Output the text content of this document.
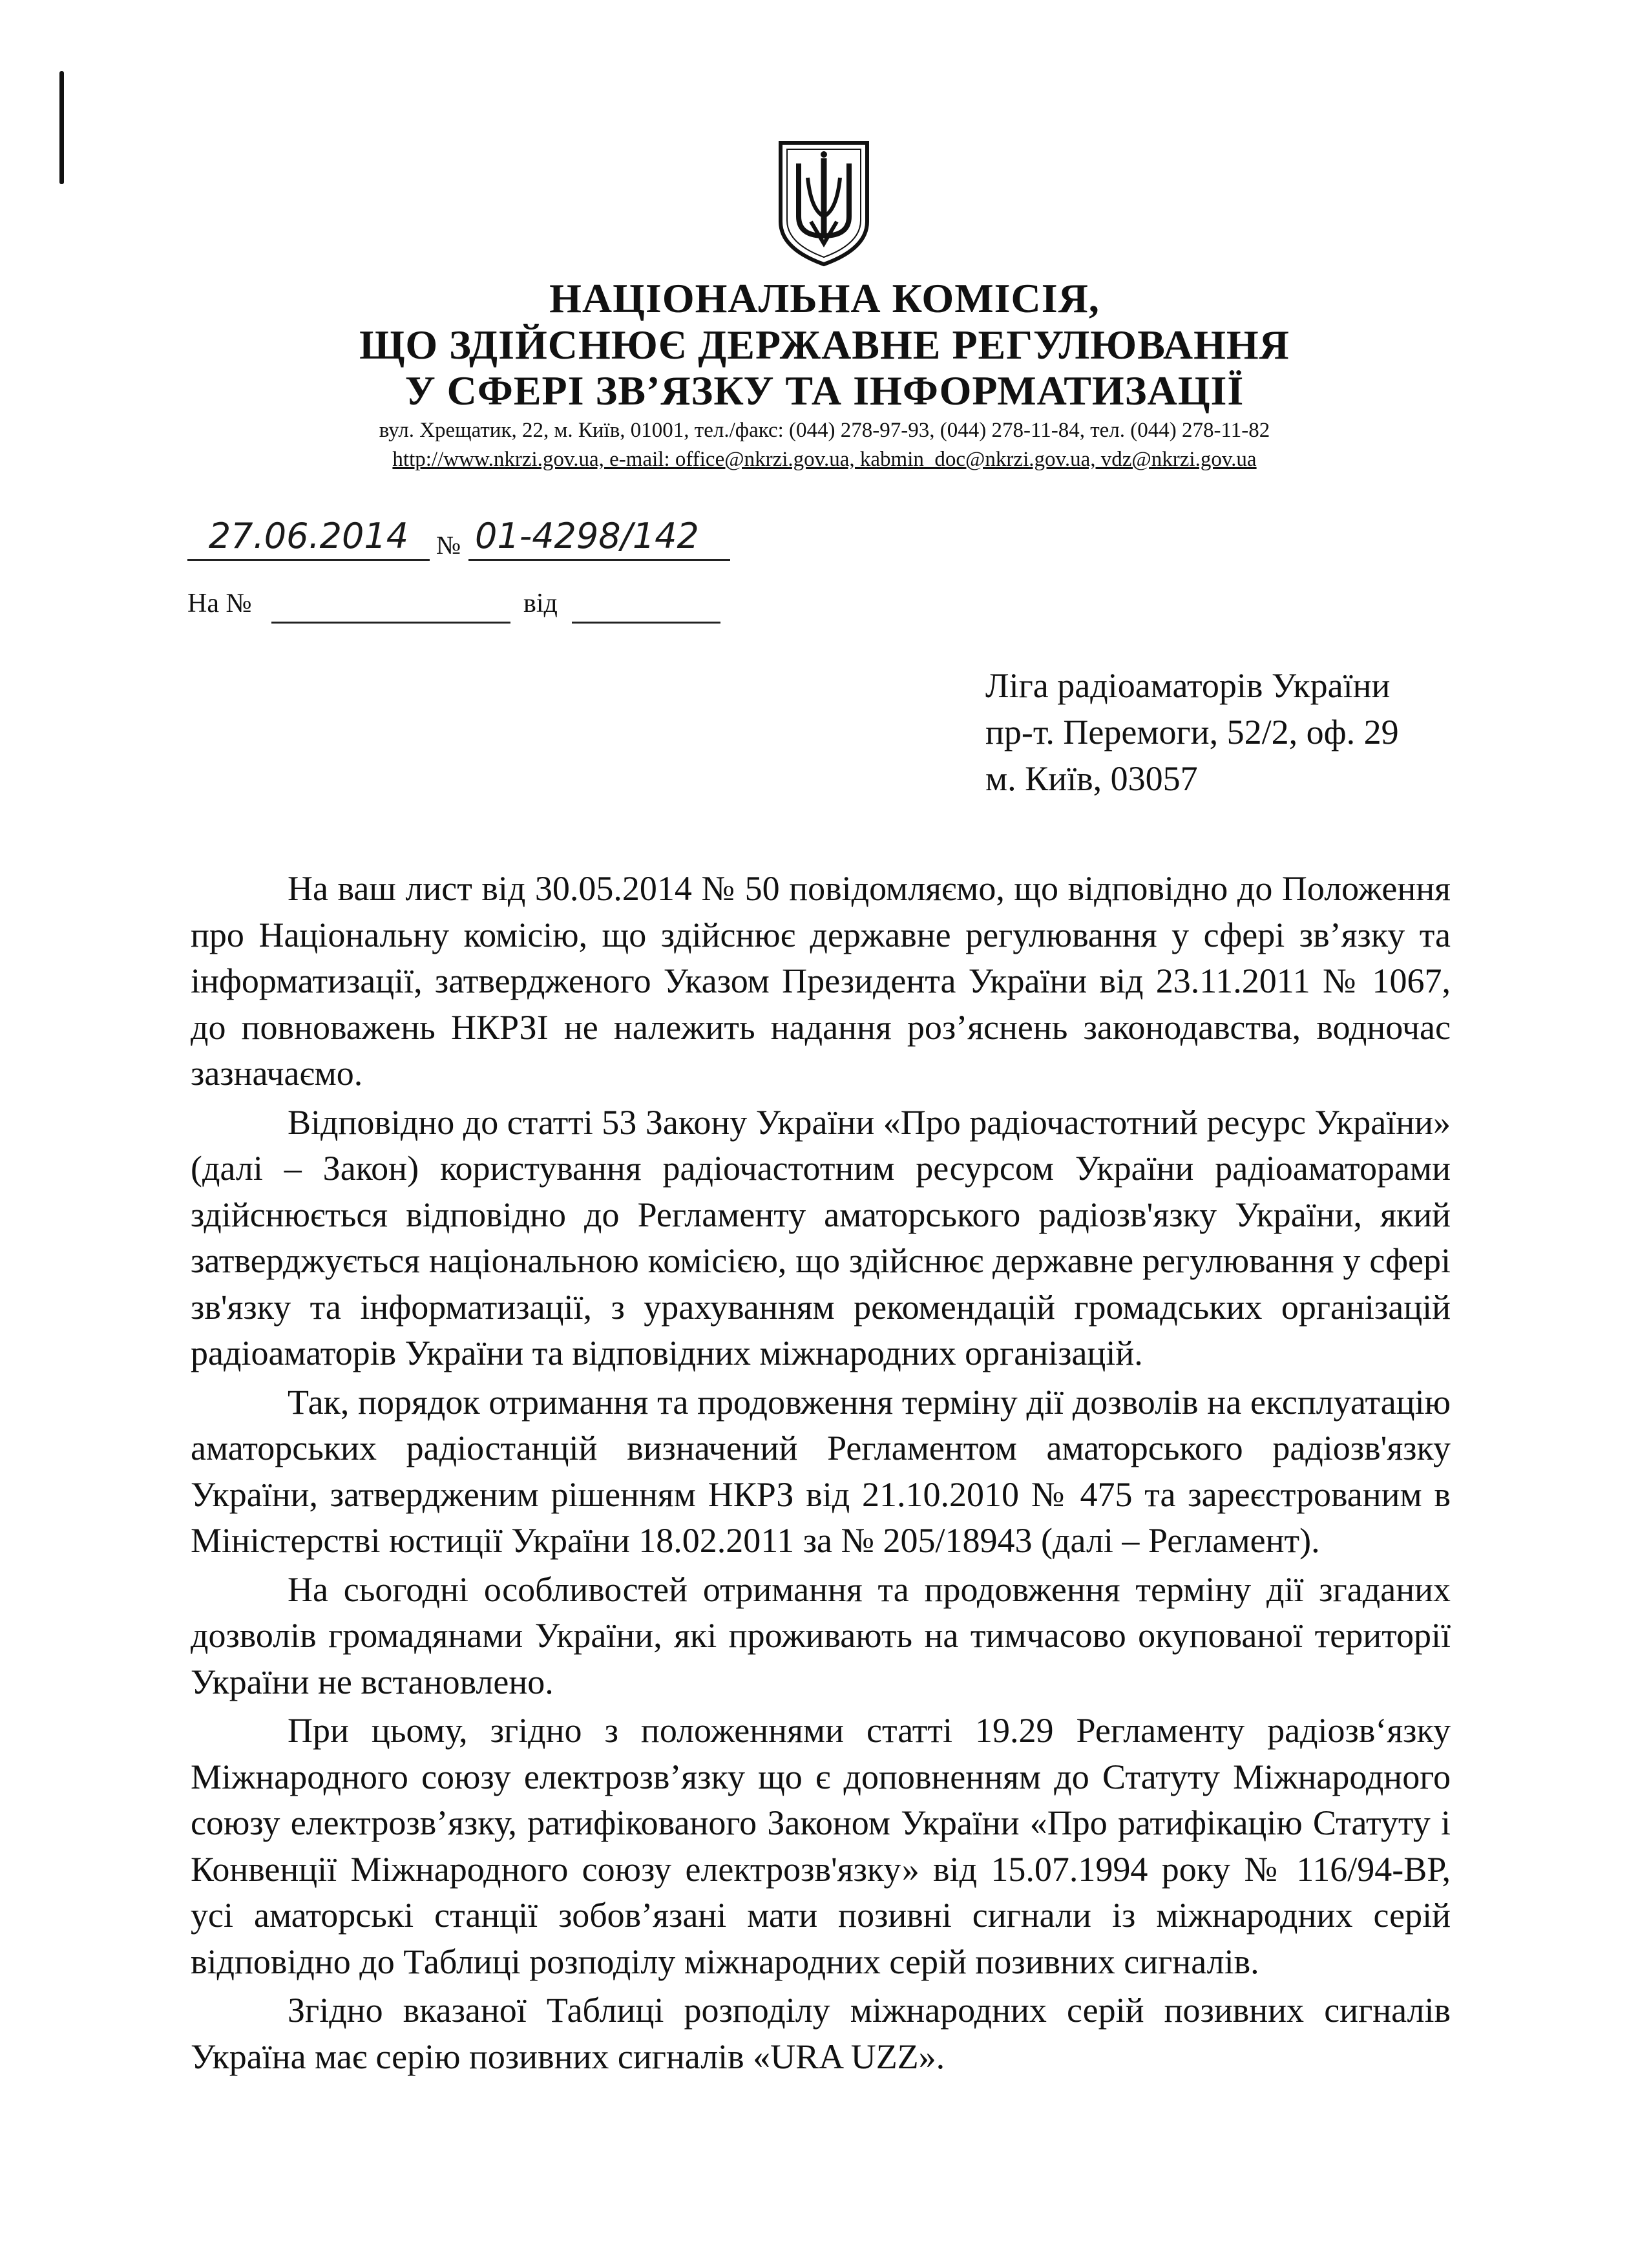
НАЦІОНАЛЬНА КОМІСІЯ,
ЩО ЗДІЙСНЮЄ ДЕРЖАВНЕ РЕГУЛЮВАННЯ
У СФЕРІ ЗВ’ЯЗКУ ТА ІНФОРМАТИЗАЦІЇ
вул. Хрещатик, 22, м. Київ, 01001, тел./факс: (044) 278-97-93, (044) 278-11-84, тел. (044) 278-11-82
http://www.nkrzi.gov.ua, e-mail: office@nkrzi.gov.ua, kabmin_doc@nkrzi.gov.ua, vdz@nkrzi.gov.ua
27.06.2014	№ 01-4298/142
На №	від
Ліга радіоаматорів України
пр-т. Перемоги, 52/2, оф. 29
м. Київ, 03057

На ваш лист від 30.05.2014 № 50 повідомляємо, що відповідно до Положення про Національну комісію, що здійснює державне регулювання у сфері зв’язку та інформатизації, затвердженого Указом Президента України від 23.11.2011 № 1067, до повноважень НКРЗІ не належить надання роз’яснень законодавства, водночас зазначаємо.

Відповідно до статті 53 Закону України «Про радіочастотний ресурс України» (далі – Закон) користування радіочастотним ресурсом України радіоаматорами здійснюється відповідно до Регламенту аматорського радіозв'язку України, який затверджується національною комісією, що здійснює державне регулювання у сфері зв'язку та інформатизації, з урахуванням рекомендацій громадських організацій радіоаматорів України та відповідних міжнародних організацій.

Так, порядок отримання та продовження терміну дії дозволів на експлуатацію аматорських радіостанцій визначений Регламентом аматорського радіозв'язку України, затвердженим рішенням НКРЗ від 21.10.2010 № 475 та зареєстрованим в Міністерстві юстиції України 18.02.2011 за № 205/18943 (далі – Регламент).

На сьогодні особливостей отримання та продовження терміну дії згаданих дозволів громадянами України, які проживають на тимчасово окупованої території України не встановлено.

При цьому, згідно з положеннями статті 19.29 Регламенту радіозв‘язку Міжнародного союзу електрозв’язку що є доповненням до Статуту Міжнародного союзу електрозв’язку, ратифікованого Законом України «Про ратифікацію Статуту і Конвенції Міжнародного союзу електрозв'язку» від 15.07.1994 року № 116/94-ВР, усі аматорські станції зобов’язані мати позивні сигнали із міжнародних серій відповідно до Таблиці розподілу міжнародних серій позивних сигналів.

Згідно вказаної Таблиці розподілу міжнародних серій позивних сигналів Україна має серію позивних сигналів «URA UZZ».
